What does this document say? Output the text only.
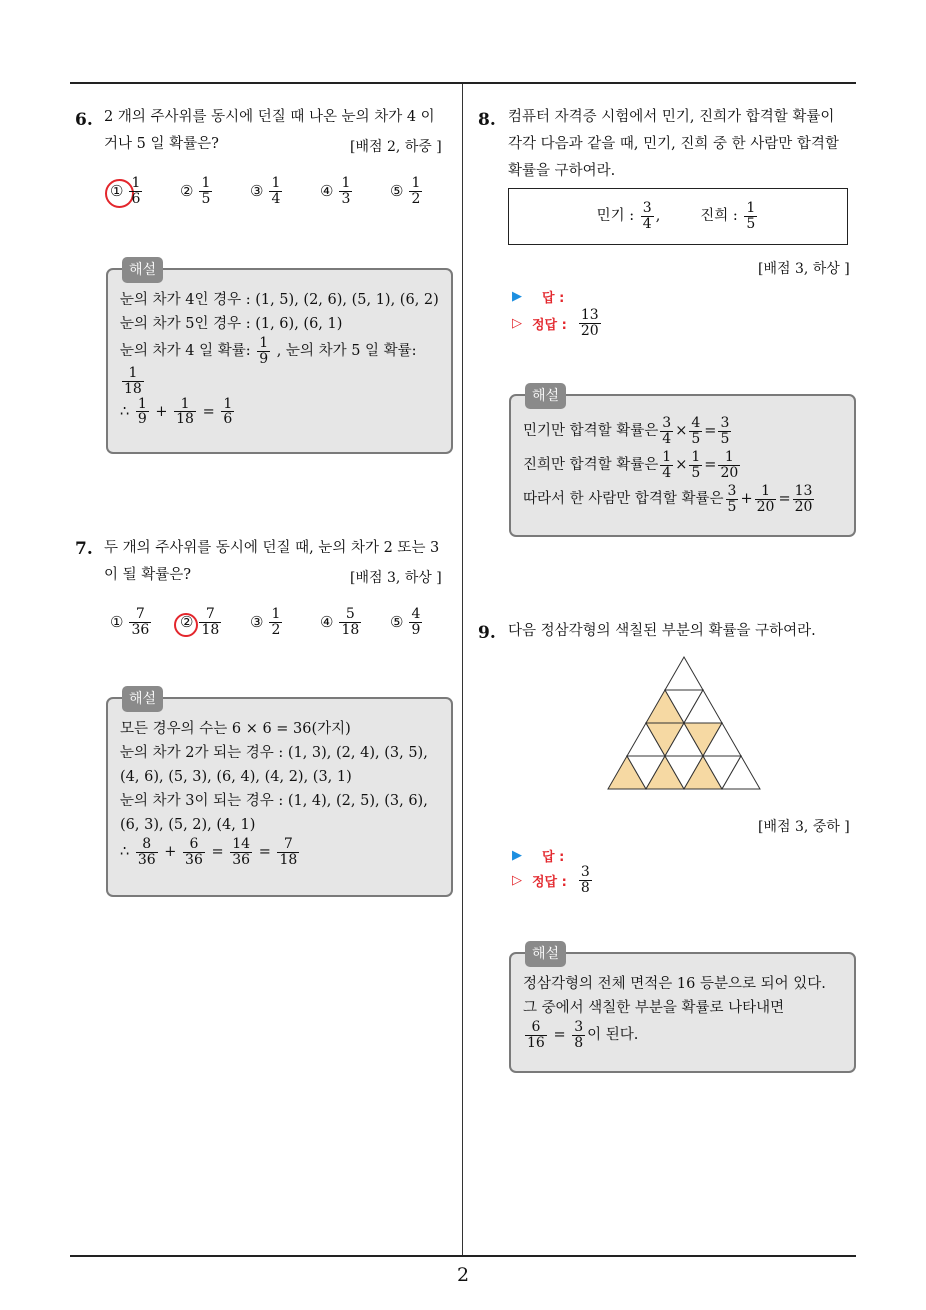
2
6. 2 개의 주사위를 동시에 던질 때 나온 눈의 차가 4 이
거나 5 일 확률은?	[배점 2, 하중 ]
① $\frac{1}{6}$	② $\frac{1}{5}$	③ $\frac{1}{4}$	④ $\frac{1}{3}$	⑤ $\frac{1}{2}$
해설
눈의 차가 4인 경우 : (1, 5), (2, 6), (5, 1), (6, 2)
눈의 차가 5인 경우 : (1, 6), (6, 1)
눈의 차가 4 일 확률: $\frac{1}{9}$ , 눈의 차가 5 일 확률:
$\frac{1}{18}$
∴ $\frac{1}{9} + \frac{1}{18} = \frac{1}{6}$
7. 두 개의 주사위를 동시에 던질 때, 눈의 차가 2 또는 3
이 될 확률은?	[배점 3, 하상 ]
① $\frac{7}{36}$ ② $\frac{7}{18}$ ③ $\frac{1}{2}$	④ $\frac{5}{18}$ ⑤ $\frac{4}{9}$
해설
모든 경우의 수는 6 × 6 = 36(가지)
눈의 차가 2가 되는 경우 : (1, 3), (2, 4), (3, 5),
(4, 6), (5, 3), (6, 4), (4, 2), (3, 1)
눈의 차가 3이 되는 경우 : (1, 4), (2, 5), (3, 6),
(6, 3), (5, 2), (4, 1)
∴ $\frac{8}{36} + \frac{6}{36} = \frac{14}{36} = \frac{7}{18}$
8. 컴퓨터 자격증 시험에서 민기, 진희가 합격할 확률이
각각 다음과 같을 때, 민기, 진희 중 한 사람만 합격할
확률을 구하여라.
민기 : $\frac{3}{4}$ ,	진희 : $\frac{1}{5}$
[배점 3, 하상 ]
▶ 답 :
▷ 정답 : $\frac{13}{20}$
해설
민기만 합격할 확률은 $\frac{3}{4} \times \frac{4}{5} = \frac{3}{5}$
진희만 합격할 확률은 $\frac{1}{4} \times \frac{1}{5} = \frac{1}{20}$
따라서 한 사람만 합격할 확률은 $\frac{3}{5} + \frac{1}{20} = \frac{13}{20}$
9. 다음 정삼각형의 색칠된 부분의 확률을 구하여라.
[배점 3, 중하 ]
▶ 답 :
▷ 정답 : $\frac{3}{8}$
해설
정삼각형의 전체 면적은 16 등분으로 되어 있다.
그 중에서 색칠한 부분을 확률로 나타내면
$\frac{6}{16} = \frac{3}{8}$ 이 된다.
